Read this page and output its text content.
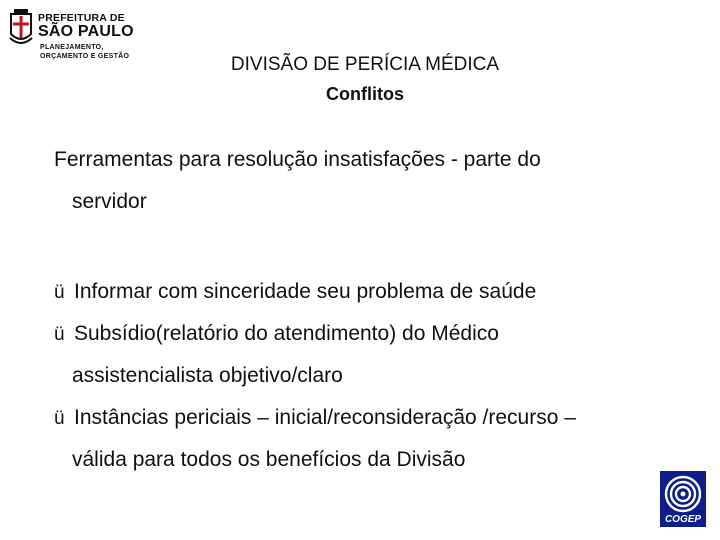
PREFEITURA DE
SÃO PAULO
PLANEJAMENTO,
ORÇAMENTO E GESTÃO	DIVISÃO DE PERÍCIA MÉDICA
Conflitos
Ferramentas para resolução insatisfações - parte do
servidor
ü Informar com sinceridade seu problema de saúde
ü Subsídio(relatório do atendimento) do Médico
assistencialista objetivo/claro
ü Instâncias periciais – inicial/reconsideração /recurso –
válida para todos os benefícios da Divisão
COGEP
